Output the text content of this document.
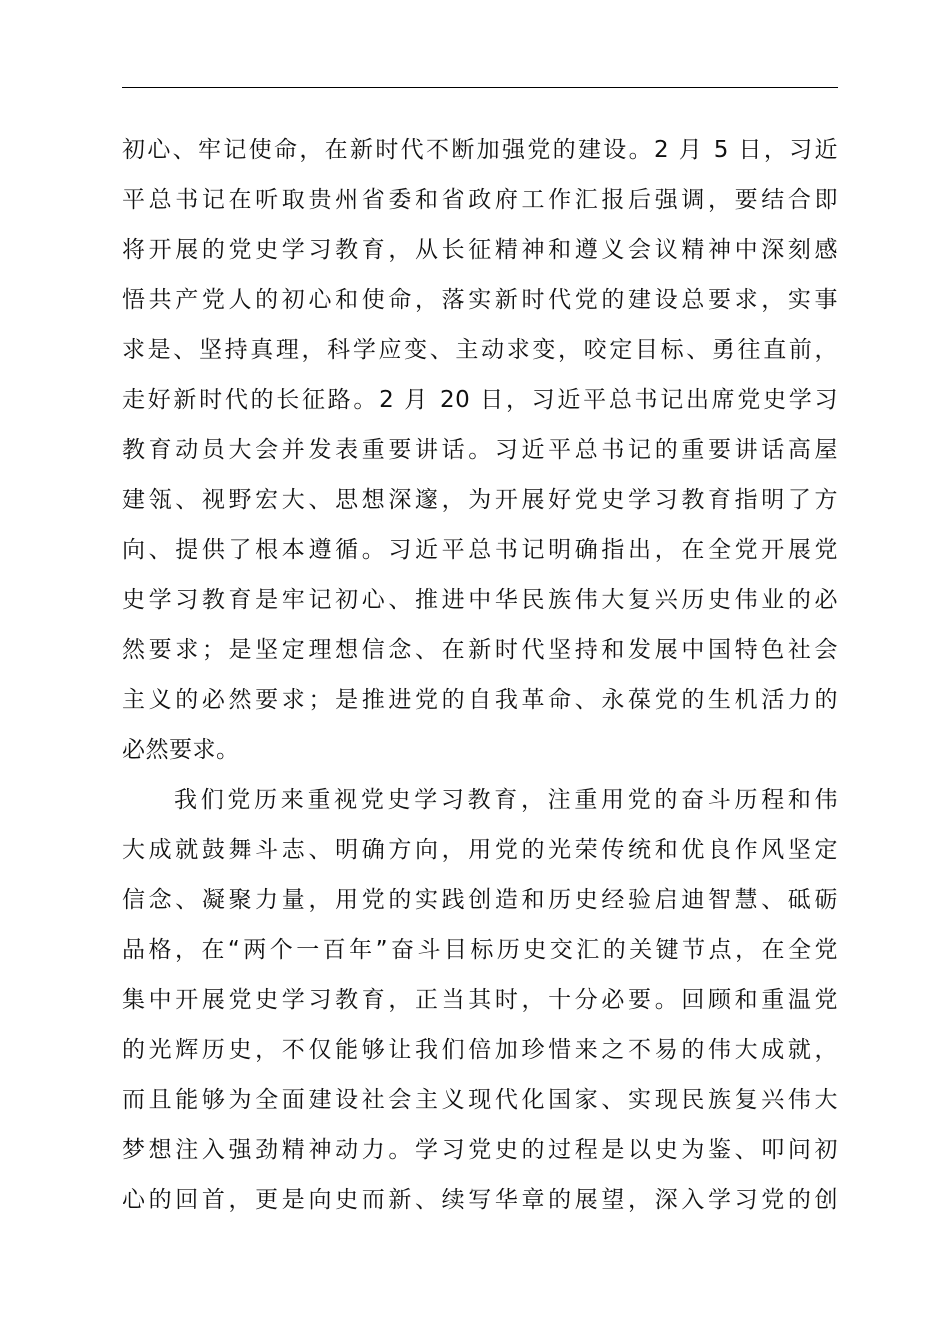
初心、牢记使命，在新时代不断加强党的建设。2 月 5 日，习近
平总书记在听取贵州省委和省政府工作汇报后强调，要结合即
将开展的党史学习教育，从长征精神和遵义会议精神中深刻感
悟共产党人的初心和使命，落实新时代党的建设总要求，实事
求是、坚持真理，科学应变、主动求变，咬定目标、勇往直前，
走好新时代的长征路。2 月 20 日，习近平总书记出席党史学习
教育动员大会并发表重要讲话。习近平总书记的重要讲话高屋
建瓴、视野宏大、思想深邃，为开展好党史学习教育指明了方
向、提供了根本遵循。习近平总书记明确指出，在全党开展党
史学习教育是牢记初心、推进中华民族伟大复兴历史伟业的必
然要求；是坚定理想信念、在新时代坚持和发展中国特色社会
主义的必然要求；是推进党的自我革命、永葆党的生机活力的
必然要求。
我们党历来重视党史学习教育，注重用党的奋斗历程和伟
大成就鼓舞斗志、明确方向，用党的光荣传统和优良作风坚定
信念、凝聚力量，用党的实践创造和历史经验启迪智慧、砥砺
品格，在“两个一百年”奋斗目标历史交汇的关键节点，在全党
集中开展党史学习教育，正当其时，十分必要。回顾和重温党
的光辉历史，不仅能够让我们倍加珍惜来之不易的伟大成就，
而且能够为全面建设社会主义现代化国家、实现民族复兴伟大
梦想注入强劲精神动力。学习党史的过程是以史为鉴、叩问初
心的回首，更是向史而新、续写华章的展望，深入学习党的创
